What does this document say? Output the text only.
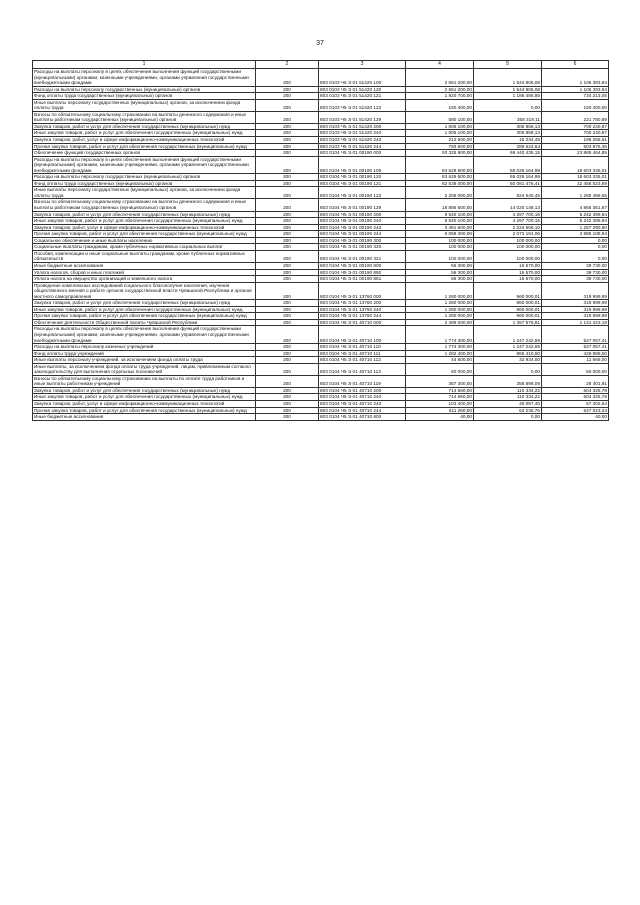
37
1	2	3	4	5	6
Расходы на выплаты персоналу в целях обеспечения выполнения функций государственными (муниципальными) органами, казенными учреждениями, органами управления государственными внебюджетными фондами	200	803 0103 Ч5 Э 01 51420 100	2 651 200,00	1 544 806,08	1 106 393,94
Расходы на выплаты персоналу государственных (муниципальных) органов	200	803 0103 Ч5 Э 01 51420 120	2 651 200,00	1 544 806,08	1 106 393,94
Фонд оплаты труда государственных (муниципальных) органов	200	803 0103 Ч5 Э 01 51420 121	1 920 700,00	1 186 486,95	734 213,05
Иные выплаты персоналу государственных (муниципальных) органов, за исключением фонда оплаты труда	200	803 0103 Ч5 Э 01 51420 122	150 400,00	0,00	150 400,00
Взносы по обязательному социальному страхованию на выплаты денежного содержания и иные выплаты работникам государственных (муниципальных) органов	200	803 0103 Ч5 Э 01 51420 129	580 100,00	358 319,11	221 780,89
Закупка товаров, работ и услуг для обеспечения государственных (муниципальных) нужд	200	803 0103 Ч5 Э 01 51420 200	1 005 100,00	305 859,13	700 240,87
Иные закупки товаров, работ и услуг для обеспечения государственных (муниципальных) нужд	200	803 0103 Ч5 Э 01 51420 240	1 005 100,00	305 859,13	700 240,87
Закупка товаров, работ, услуг в сфере информационно-коммуникационных технологий	200	803 0103 Ч5 Э 01 51420 242	212 500,00	15 234,49	196 265,51
Прочая закупка товаров, работ и услуг для обеспечения государственных (муниципальных) нужд	200	803 0103 Ч5 Э 01 51420 244	793 600,00	289 624,64	503 975,36
Обеспечение функций государственных органов	200	803 0104 Ч5 Э 01 00190 000	93 325 900,00	69 440 435,15	23 885 464,85
Расходы на выплаты персоналу в целях обеспечения выполнения функций государственными (муниципальными) органами, казенными учреждениями, органами управления государственными внебюджетными фондами	200	803 0104 Ч5 Э 01 00190 100	83 629 500,00	65 026 164,99	18 603 335,01
Расходы на выплаты персоналу государственных (муниципальных) органов	200	803 0104 Ч5 Э 01 00190 120	83 629 500,00	65 026 164,99	18 603 335,01
Фонд оплаты труда государственных (муниципальных) органов	200	803 0104 Ч5 Э 01 00190 121	62 538 000,00	50 081 476,41	12 456 523,59
Иные выплаты персоналу государственных (муниципальных) органов, за исключением фонда оплаты труда	200	803 0104 Ч5 Э 01 00190 122	2 205 000,00	924 540,45	1 280 459,55
Взносы по обязательному социальному страхованию на выплаты денежного содержания и иные выплаты работникам государственных (муниципальных) органов	200	803 0104 Ч5 Э 01 00190 129	18 886 500,00	14 020 148,13	4 866 351,87
Закупка товаров, работ и услуг для обеспечения государственных (муниципальных) нужд	200	803 0104 Ч5 Э 01 00190 200	9 540 100,00	4 297 700,16	5 242 399,84
Иные закупки товаров, работ и услуг для обеспечения государственных (муниципальных) нужд	200	803 0104 Ч5 Э 01 00190 240	9 540 100,00	4 297 700,16	5 242 399,84
Закупка товаров, работ, услуг в сфере информационно-коммуникационных технологий	200	803 0104 Ч5 Э 01 00190 242	3 481 600,00	2 224 509,10	1 257 290,90
Прочая закупка товаров, работ и услуг для обеспечения государственных (муниципальных) нужд	200	803 0104 Ч5 Э 01 00190 244	6 058 300,00	2 073 191,06	3 985 108,94
Социальное обеспечение и иные выплаты населению	200	803 0104 Ч5 Э 01 00190 300	100 000,00	100 000,00	0,00
Социальные выплаты гражданам, кроме публичных нормативных социальных выплат	200	803 0104 Ч5 Э 01 00190 320	100 000,00	100 000,00	0,00
Пособия, компенсации и иные социальные выплаты гражданам, кроме публичных нормативных обязательств	200	803 0104 Ч5 Э 01 00190 321	100 000,00	100 000,00	0,00
Иные бюджетные ассигнования	200	803 0104 Ч5 Э 01 00190 800	56 300,00	16 570,00	39 730,00
Уплата налогов, сборов и иных платежей	200	803 0104 Ч5 Э 01 00190 850	56 300,00	16 570,00	39 730,00
Уплата налога на имущество организаций и земельного налога	200	803 0104 Ч5 Э 01 00190 851	56 300,00	16 570,00	39 730,00
Проведение комплексных исследований социального благополучия населения, изучения общественного мнения о работе органов государственной власти Чувашской Республики и органов местного самоуправления	200	803 0104 Ч5 Э 01 13760 000	1 280 000,00	960 000,01	319 999,99
Закупка товаров, работ и услуг для обеспечения государственных (муниципальных) нужд	200	803 0104 Ч5 Э 01 13760 200	1 280 000,00	960 000,01	319 999,99
Иные закупки товаров, работ и услуг для обеспечения государственных (муниципальных) нужд	200	803 0104 Ч5 Э 01 13760 240	1 280 000,00	960 000,01	319 999,99
Прочая закупка товаров, работ и услуг для обеспечения государственных (муниципальных) нужд	200	803 0104 Ч5 Э 01 13760 244	1 280 000,00	960 000,01	319 999,99
Обеспечение деятельности Общественной палаты Чувашской Республики	200	803 0104 Ч5 Э 01 40710 000	2 489 000,00	1 357 576,81	1 131 423,19
Расходы на выплаты персоналу в целях обеспечения выполнения функций государственными (муниципальными) органами, казенными учреждениями, органами управления государственными внебюджетными фондами	200	803 0104 Ч5 Э 01 40710 100	1 774 300,00	1 247 242,59	527 057,41
Расходы на выплаты персоналу казенных учреждений	200	803 0104 Ч5 Э 01 40710 110	1 774 300,00	1 247 242,59	527 057,41
Фонд оплаты труда учреждений	200	803 0104 Ч5 Э 01 40710 111	1 282 400,00	855 410,50	426 989,50
Иные выплаты персоналу учреждений, за исключением фонда оплаты труда	200	803 0104 Ч5 Э 01 40710 112	44 600,00	32 934,00	11 666,00
Иные выплаты, за исключением фонда оплаты труда учреждений, лицам, привлекаемым согласно законодательству для выполнения отдельных полномочий	200	803 0104 Ч5 Э 01 40710 113	60 000,00	0,00	60 000,00
Взносы по обязательному социальному страхованию на выплаты по оплате труда работников и иные выплаты работникам учреждений	200	803 0104 Ч5 Э 01 40710 119	387 300,00	358 898,09	28 401,91
Закупка товаров, работ и услуг для обеспечения государственных (муниципальных) нужд	200	803 0104 Ч5 Э 01 40710 200	714 660,00	110 334,22	604 325,78
Иные закупки товаров, работ и услуг для обеспечения государственных (муниципальных) нужд	200	803 0104 Ч5 Э 01 40710 240	714 660,00	110 334,22	604 325,78
Закупка товаров, работ, услуг в сфере информационно-коммуникационных технологий	200	803 0104 Ч5 Э 01 40710 242	103 400,00	46 097,46	57 302,54
Прочая закупка товаров, работ и услуг для обеспечения государственных (муниципальных) нужд	200	803 0104 Ч5 Э 01 40710 244	611 260,00	64 236,76	547 023,24
Иные бюджетные ассигнования	200	803 0104 Ч5 Э 01 40710 800	40,00	0,00	40,00
